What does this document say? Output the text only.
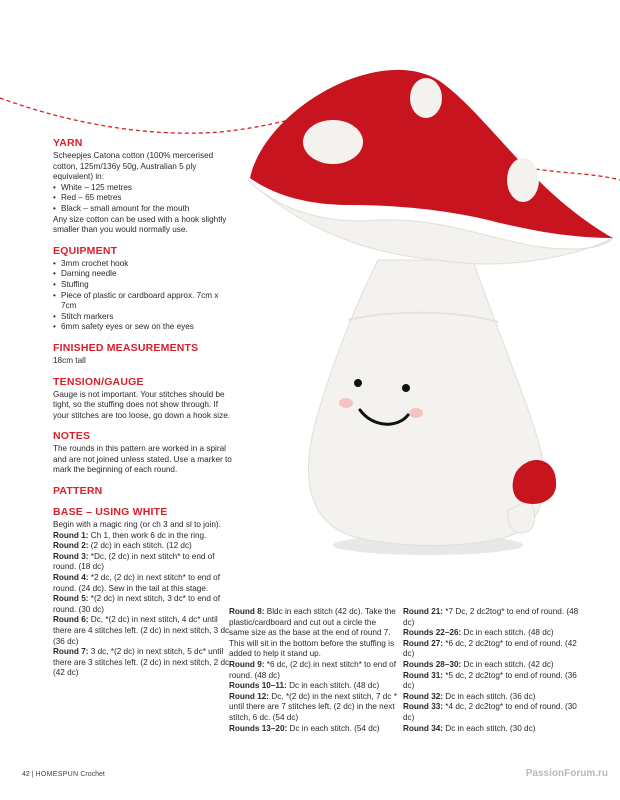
YARN

Scheepjes Catona cotton (100% mercerised cotton, 125m/136y 50g, Australian 5 ply equivalent) in:

• White – 125 metres
• Red – 65 metres
• Black – small amount for the mouth

Any size cotton can be used with a hook slightly smaller than you would normally use.

EQUIPMENT
• 3mm crochet hook
• Darning needle
• Stuffing
• Piece of plastic or cardboard approx. 7cm x 7cm
• Stitch markers
• 6mm safety eyes or sew on the eyes
FINISHED MEASUREMENTS

18cm tall

TENSION/GAUGE

Gauge is not important. Your stitches should be tight, so the stuffing does not show through. If your stitches are too loose, go down a hook size.

NOTES

The rounds in this pattern are worked in a spiral and are not joined unless stated. Use a marker to mark the beginning of each round.

PATTERN
BASE – USING WHITE

Begin with a magic ring (or ch 3 and sl to join).

Round 1: Ch 1, then work 6 dc in the ring.

Round 2: (2 dc) in each stitch. (12 dc)

Round 3: *Dc, (2 dc) in next stitch* to end of round. (18 dc)

Round 4: *2 dc, (2 dc) in next stitch* to end of round. (24 dc). Sew in the tail at this stage.

Round 5: *(2 dc) in next stitch, 3 dc* to end of round. (30 dc)

Round 6: Dc, *(2 dc) in next stitch, 4 dc* until there are 4 stitches left. (2 dc) in next stitch, 3 dc. (36 dc)

Round 7: 3 dc, *(2 dc) in next stitch, 5 dc* until there are 3 stitches left. (2 dc) in next stitch, 2 dc. (42 dc)

Round 8: Bldc in each stitch (42 dc). Take the plastic/cardboard and cut out a circle the same size as the base at the end of round 7. This will sit in the bottom before the stuffing is added to help it stand up.

Round 9: *6 dc, (2 dc) in next stitch* to end of round. (48 dc)

Rounds 10–11: Dc in each stitch. (48 dc)

Round 12: Dc, *(2 dc) in the next stitch, 7 dc * until there are 7 stitches left. (2 dc) in the next stitch, 6 dc. (54 dc)

Rounds 13–20: Dc in each stitch. (54 dc)

Round 21: *7 Dc, 2 dc2tog* to end of round. (48 dc)

Rounds 22–26: Dc in each stitch. (48 dc)

Round 27: *6 dc, 2 dc2tog* to end of round. (42 dc)

Rounds 28–30: Dc in each stitch. (42 dc)

Round 31: *5 dc, 2 dc2tog* to end of round. (36 dc)

Round 32: Dc in each stitch. (36 dc)

Round 33: *4 dc, 2 dc2tog* to end of round. (30 dc)

Round 34: Dc in each stitch. (30 dc)

42 | HOMESPUN Crochet	PassionForum.ru
